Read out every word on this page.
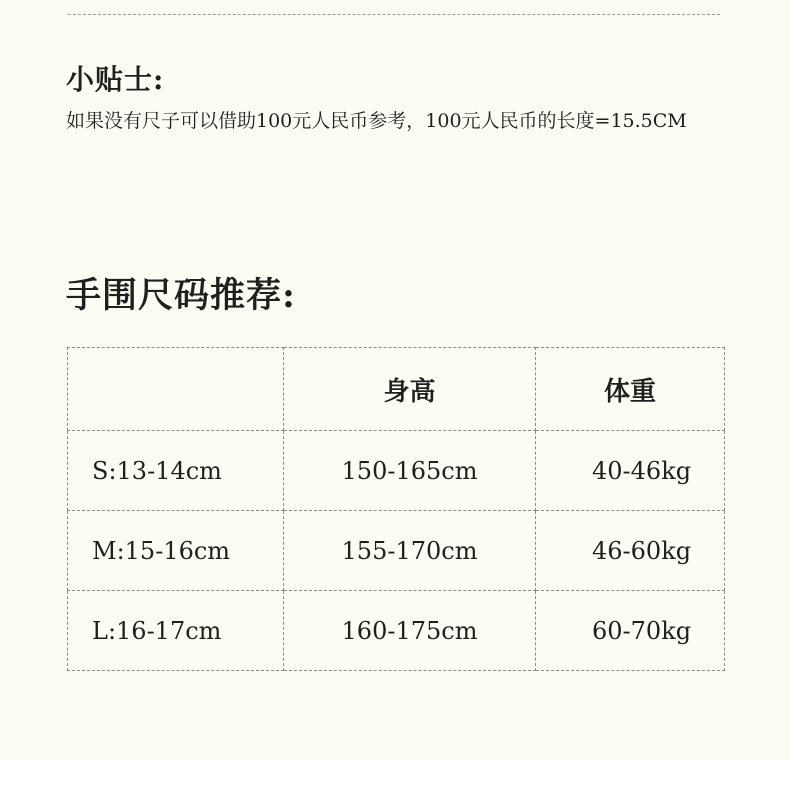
小贴士:
如果没有尺子可以借助100元人民币参考，100元人民币的长度=15.5CM
手围尺码推荐:
	身高	体重
S:13-14cm	150-165cm	40-46kg
M:15-16cm	155-170cm	46-60kg
L:16-17cm	160-175cm	60-70kg
